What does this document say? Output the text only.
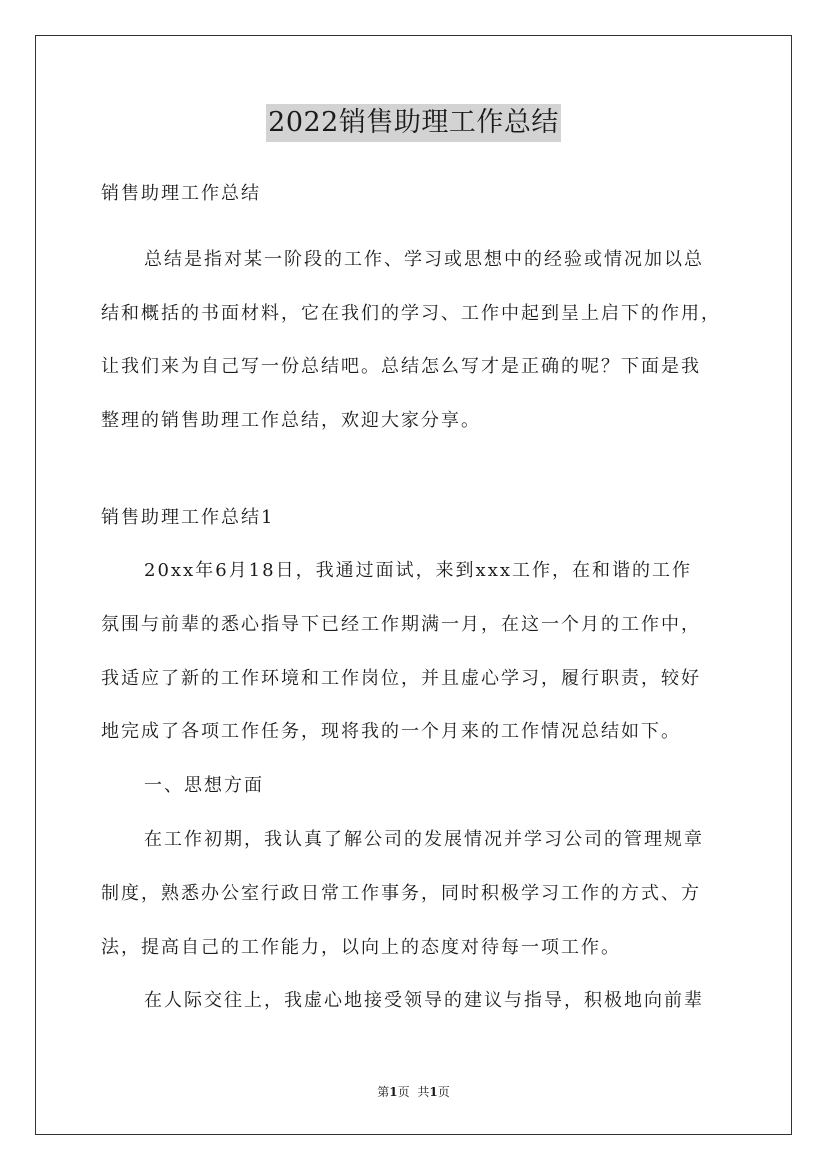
2022销售助理工作总结
销售助理工作总结
总结是指对某一阶段的工作、学习或思想中的经验或情况加以总
结和概括的书面材料，它在我们的学习、工作中起到呈上启下的作用，
让我们来为自己写一份总结吧。总结怎么写才是正确的呢？下面是我
整理的销售助理工作总结，欢迎大家分享。
销售助理工作总结1
20xx年6月18日，我通过面试，来到xxx工作，在和谐的工作
氛围与前辈的悉心指导下已经工作期满一月，在这一个月的工作中，
我适应了新的工作环境和工作岗位，并且虚心学习，履行职责，较好
地完成了各项工作任务，现将我的一个月来的工作情况总结如下。
一、思想方面
在工作初期，我认真了解公司的发展情况并学习公司的管理规章
制度，熟悉办公室行政日常工作事务，同时积极学习工作的方式、方
法，提高自己的工作能力，以向上的态度对待每一项工作。
在人际交往上，我虚心地接受领导的建议与指导，积极地向前辈
第1页 共1页
